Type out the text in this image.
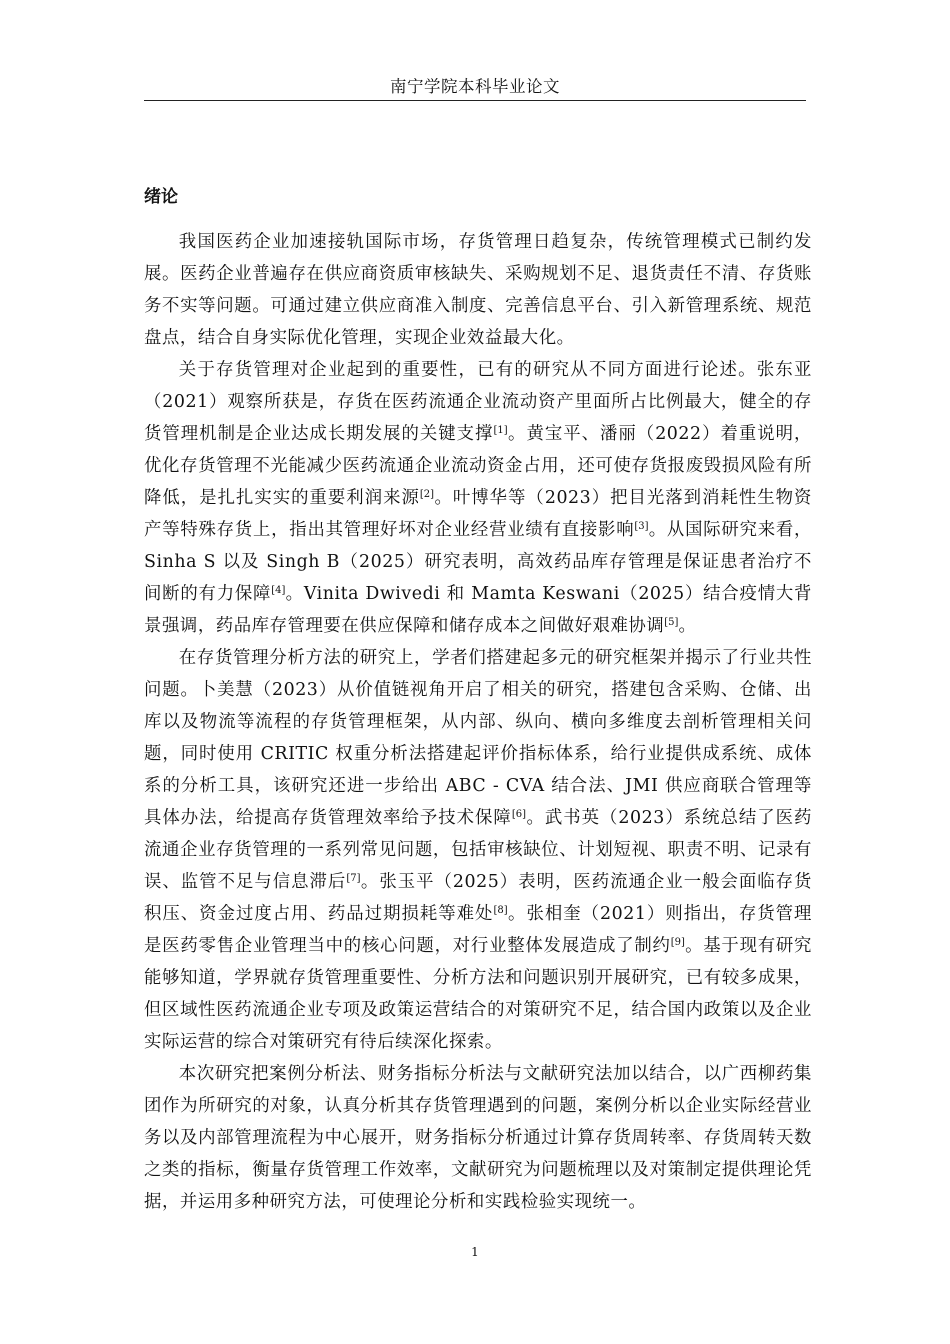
南宁学院本科毕业论文
绪论

我国医药企业加速接轨国际市场，存货管理日趋复杂，传统管理模式已制约发展。医药企业普遍存在供应商资质审核缺失、采购规划不足、退货责任不清、存货账务不实等问题。可通过建立供应商准入制度、完善信息平台、引入新管理系统、规范盘点，结合自身实际优化管理，实现企业效益最大化。

关于存货管理对企业起到的重要性，已有的研究从不同方面进行论述。张东亚（2021）观察所获是，存货在医药流通企业流动资产里面所占比例最大，健全的存货管理机制是企业达成长期发展的关键支撑[1]。黄宝平、潘丽（2022）着重说明，优化存货管理不光能减少医药流通企业流动资金占用，还可使存货报废毁损风险有所降低，是扎扎实实的重要利润来源[2]。叶博华等（2023）把目光落到消耗性生物资产等特殊存货上，指出其管理好坏对企业经营业绩有直接影响[3]。从国际研究来看，Sinha S 以及 Singh B（2025）研究表明，高效药品库存管理是保证患者治疗不间断的有力保障[4]。Vinita Dwivedi 和 Mamta Keswani（2025）结合疫情大背景强调，药品库存管理要在供应保障和储存成本之间做好艰难协调[5]。

在存货管理分析方法的研究上，学者们搭建起多元的研究框架并揭示了行业共性问题。卜美慧（2023）从价值链视角开启了相关的研究，搭建包含采购、仓储、出库以及物流等流程的存货管理框架，从内部、纵向、横向多维度去剖析管理相关问题，同时使用 CRITIC 权重分析法搭建起评价指标体系，给行业提供成系统、成体系的分析工具，该研究还进一步给出 ABC - CVA 结合法、JMI 供应商联合管理等具体办法，给提高存货管理效率给予技术保障[6]。武书英（2023）系统总结了医药流通企业存货管理的一系列常见问题，包括审核缺位、计划短视、职责不明、记录有误、监管不足与信息滞后[7]。张玉平（2025）表明，医药流通企业一般会面临存货积压、资金过度占用、药品过期损耗等难处[8]。张相奎（2021）则指出，存货管理是医药零售企业管理当中的核心问题，对行业整体发展造成了制约[9]。基于现有研究能够知道，学界就存货管理重要性、分析方法和问题识别开展研究，已有较多成果，但区域性医药流通企业专项及政策运营结合的对策研究不足，结合国内政策以及企业实际运营的综合对策研究有待后续深化探索。

本次研究把案例分析法、财务指标分析法与文献研究法加以结合，以广西柳药集团作为所研究的对象，认真分析其存货管理遇到的问题，案例分析以企业实际经营业务以及内部管理流程为中心展开，财务指标分析通过计算存货周转率、存货周转天数之类的指标，衡量存货管理工作效率，文献研究为问题梳理以及对策制定提供理论凭据，并运用多种研究方法，可使理论分析和实践检验实现统一。

1
